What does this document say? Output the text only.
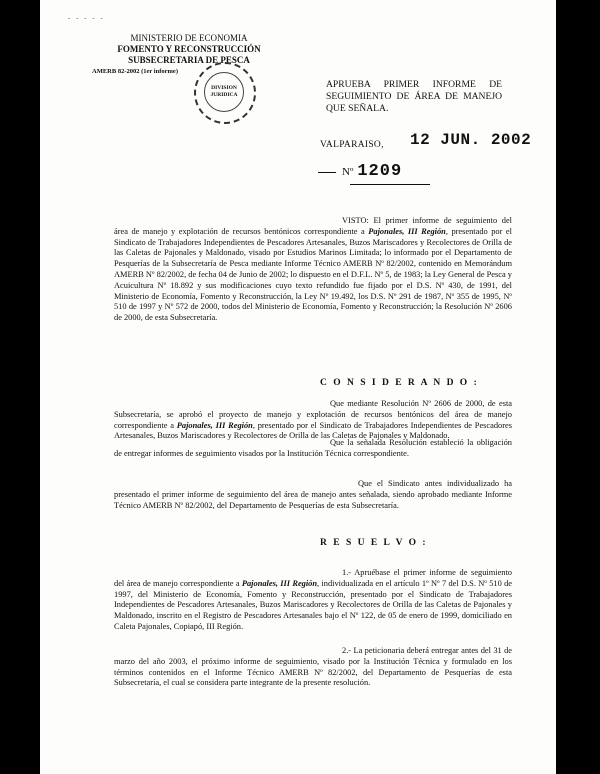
- - - - -
MINISTERIO DE ECONOMIA
FOMENTO Y RECONSTRUCCIÓN
SUBSECRETARIA DE PESCA
AMERB 82-2002 (1er informe)
DIVISION JURIDICA
APRUEBA PRIMER INFORME DE SEGUIMIENTO DE ÁREA DE MANEJO QUE SEÑALA.
VALPARAISO, 12 JUN. 2002
Nº 1209
VISTO: El primer informe de seguimiento del área de manejo y explotación de recursos bentónicos correspondiente a Pajonales, III Región, presentado por el Sindicato de Trabajadores Independientes de Pescadores Artesanales, Buzos Mariscadores y Recolectores de Orilla de las Caletas de Pajonales y Maldonado, visado por Estudios Marinos Limitada; lo informado por el Departamento de Pesquerías de la Subsecretaría de Pesca mediante Informe Técnico AMERB Nº 82/2002, contenido en Memorándum AMERB Nº 82/2002, de fecha 04 de Junio de 2002; lo dispuesto en el D.F.L. Nº 5, de 1983; la Ley General de Pesca y Acuicultura Nº 18.892 y sus modificaciones cuyo texto refundido fue fijado por el D.S. Nº 430, de 1991, del Ministerio de Economía, Fomento y Reconstrucción, la Ley Nº 19.492, los D.S. Nº 291 de 1987, Nº 355 de 1995, Nº 510 de 1997 y Nº 572 de 2000, todos del Ministerio de Economía, Fomento y Reconstrucción; la Resolución Nº 2606 de 2000, de esta Subsecretaría.
C O N S I D E R A N D O :
Que mediante Resolución Nº 2606 de 2000, de esta Subsecretaría, se aprobó el proyecto de manejo y explotación de recursos bentónicos del área de manejo correspondiente a Pajonales, III Región, presentado por el Sindicato de Trabajadores Independientes de Pescadores Artesanales, Buzos Mariscadores y Recolectores de Orilla de las Caletas de Pajonales y Maldonado.
Que la señalada Resolución estableció la obligación de entregar informes de seguimiento visados por la Institución Técnica correspondiente.
Que el Sindicato antes individualizado ha presentado el primer informe de seguimiento del área de manejo antes señalada, siendo aprobado mediante Informe Técnico AMERB Nº 82/2002, del Departamento de Pesquerías de esta Subsecretaría.
R E S U E L V O :
1.- Apruébase el primer informe de seguimiento del área de manejo correspondiente a Pajonales, III Región, individualizada en el artículo 1º Nº 7 del D.S. Nº 510 de 1997, del Ministerio de Economía, Fomento y Reconstrucción, presentado por el Sindicato de Trabajadores Independientes de Pescadores Artesanales, Buzos Mariscadores y Recolectores de Orilla de las Caletas de Pajonales y Maldonado, inscrito en el Registro de Pescadores Artesanales bajo el Nº 122, de 05 de enero de 1999, domiciliado en Caleta Pajonales, Copiapó, III Región.
2.- La peticionaria deberá entregar antes del 31 de marzo del año 2003, el próximo informe de seguimiento, visado por la Institución Técnica y formulado en los términos contenidos en el Informe Técnico AMERB Nº 82/2002, del Departamento de Pesquerías de esta Subsecretaría, el cual se considera parte integrante de la presente resolución.
